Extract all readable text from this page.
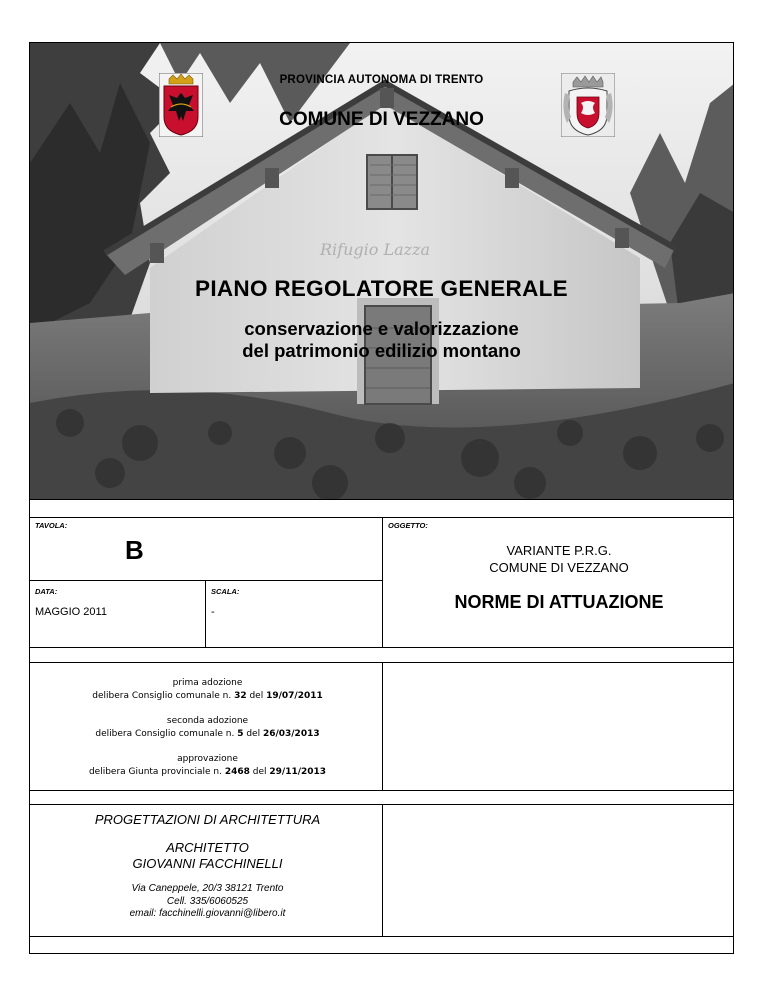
Rifugio Lazza
PROVINCIA AUTONOMA DI TRENTO
COMUNE DI VEZZANO
PIANO REGOLATORE GENERALE
conservazione e valorizzazione
del patrimonio edilizio montano
TAVOLA:
B
OGGETTO:
VARIANTE P.R.G.
COMUNE DI VEZZANO
NORME DI ATTUAZIONE
DATA:
MAGGIO 2011
SCALA:
-
prima adozione
delibera Consiglio comunale n. 32 del 19/07/2011
seconda adozione
delibera Consiglio comunale n. 5 del 26/03/2013
approvazione
delibera Giunta provinciale n. 2468 del 29/11/2013
PROGETTAZIONI DI ARCHITETTURA
ARCHITETTO
GIOVANNI FACCHINELLI
Via Caneppele, 20/3 38121 Trento
Cell. 335/6060525
email: facchinelli.giovanni@libero.it
